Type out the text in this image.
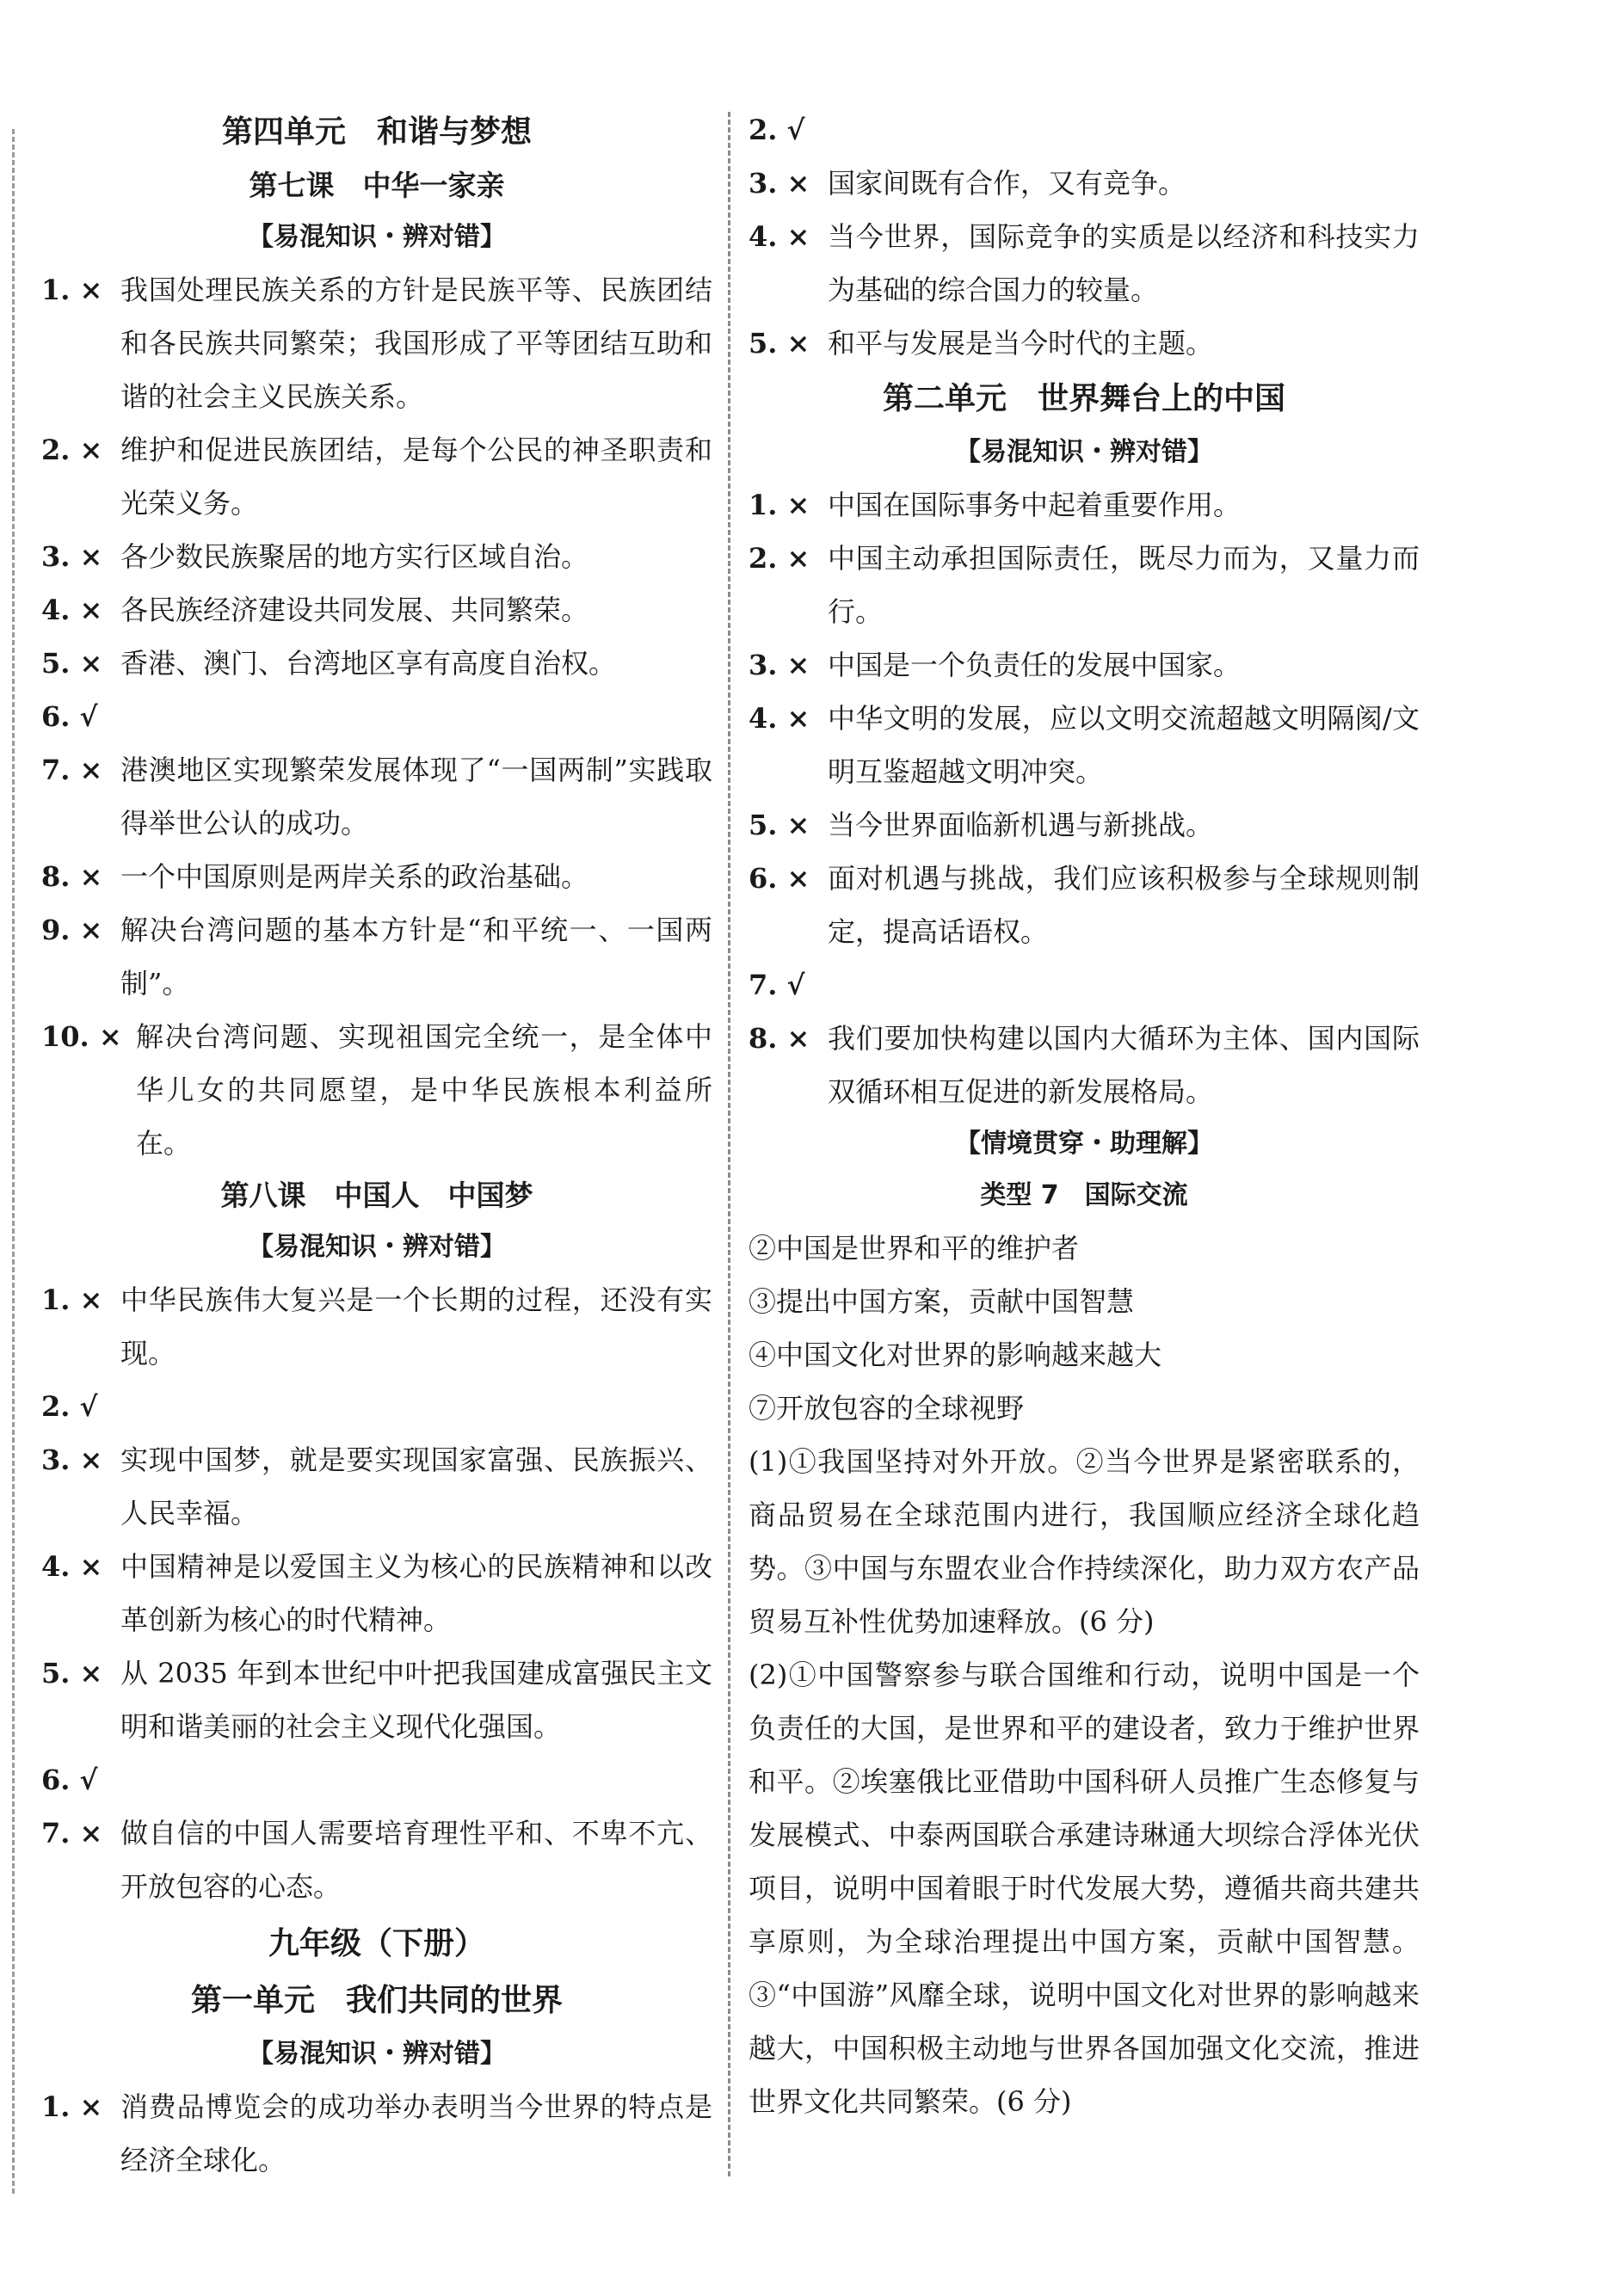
第四单元　和谐与梦想
第七课　中华一家亲
【易混知识・辨对错】
1. × 我国处理民族关系的方针是民族平等、民族团结和各民族共同繁荣；我国形成了平等团结互助和谐的社会主义民族关系。
2. × 维护和促进民族团结，是每个公民的神圣职责和光荣义务。
3. × 各少数民族聚居的地方实行区域自治。
4. × 各民族经济建设共同发展、共同繁荣。
5. × 香港、澳门、台湾地区享有高度自治权。
6. √
7. × 港澳地区实现繁荣发展体现了“一国两制”实践取得举世公认的成功。
8. × 一个中国原则是两岸关系的政治基础。
9. × 解决台湾问题的基本方针是“和平统一、一国两制”。
10. × 解决台湾问题、实现祖国完全统一，是全体中华儿女的共同愿望，是中华民族根本利益所在。
第八课　中国人　中国梦
【易混知识・辨对错】
1. × 中华民族伟大复兴是一个长期的过程，还没有实现。
2. √
3. × 实现中国梦，就是要实现国家富强、民族振兴、人民幸福。
4. × 中国精神是以爱国主义为核心的民族精神和以改革创新为核心的时代精神。
5. × 从 2035 年到本世纪中叶把我国建成富强民主文明和谐美丽的社会主义现代化强国。
6. √
7. × 做自信的中国人需要培育理性平和、不卑不亢、开放包容的心态。
九年级（下册）
第一单元　我们共同的世界
【易混知识・辨对错】
1. × 消费品博览会的成功举办表明当今世界的特点是经济全球化。
2. √
3. × 国家间既有合作，又有竞争。
4. × 当今世界，国际竞争的实质是以经济和科技实力为基础的综合国力的较量。
5. × 和平与发展是当今时代的主题。
第二单元　世界舞台上的中国
【易混知识・辨对错】
1. × 中国在国际事务中起着重要作用。
2. × 中国主动承担国际责任，既尽力而为，又量力而行。
3. × 中国是一个负责任的发展中国家。
4. × 中华文明的发展，应以文明交流超越文明隔阂/文明互鉴超越文明冲突。
5. × 当今世界面临新机遇与新挑战。
6. × 面对机遇与挑战，我们应该积极参与全球规则制定，提高话语权。
7. √
8. × 我们要加快构建以国内大循环为主体、国内国际双循环相互促进的新发展格局。
【情境贯穿・助理解】
类型 7　国际交流
②中国是世界和平的维护者
③提出中国方案，贡献中国智慧
④中国文化对世界的影响越来越大
⑦开放包容的全球视野
(1)①我国坚持对外开放。②当今世界是紧密联系的，商品贸易在全球范围内进行，我国顺应经济全球化趋势。③中国与东盟农业合作持续深化，助力双方农产品贸易互补性优势加速释放。(6 分)
(2)①中国警察参与联合国维和行动，说明中国是一个负责任的大国，是世界和平的建设者，致力于维护世界和平。②埃塞俄比亚借助中国科研人员推广生态修复与发展模式、中泰两国联合承建诗琳通大坝综合浮体光伏项目，说明中国着眼于时代发展大势，遵循共商共建共享原则，为全球治理提出中国方案，贡献中国智慧。③“中国游”风靡全球，说明中国文化对世界的影响越来越大，中国积极主动地与世界各国加强文化交流，推进世界文化共同繁荣。(6 分)
